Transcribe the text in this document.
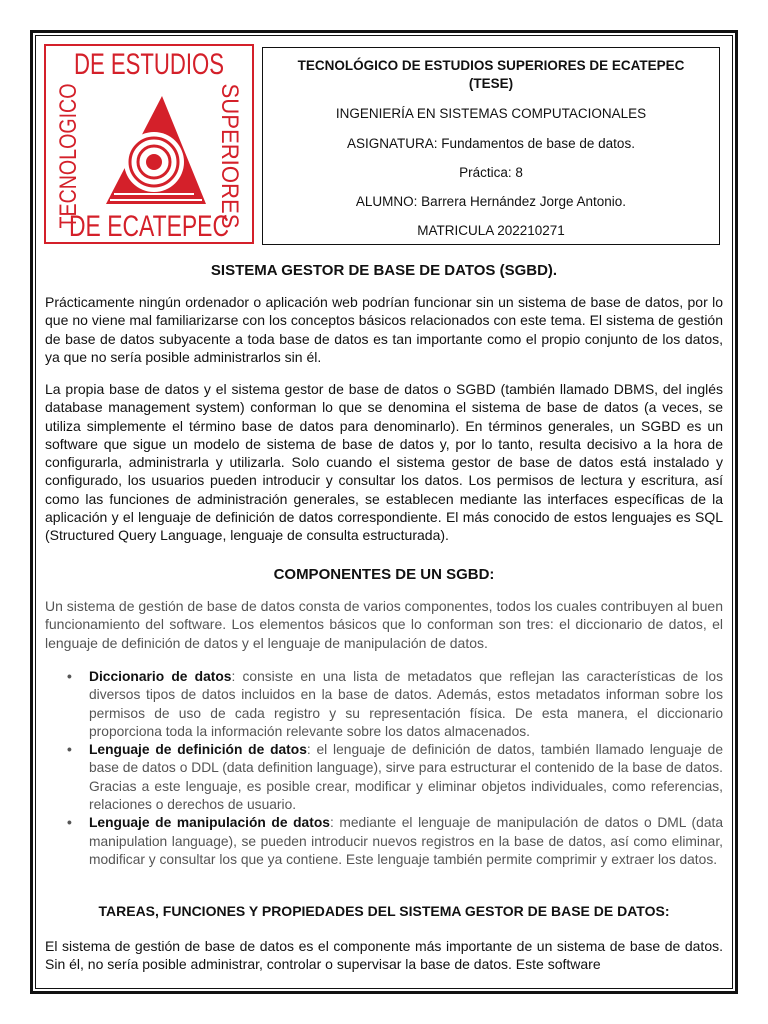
DE ESTUDIOS
DE ECATEPEC
TECNOLOGICO	SUPERIORES
TECNOLÓGICO DE ESTUDIOS SUPERIORES DE ECATEPEC
(TESE)
INGENIERÍA EN SISTEMAS COMPUTACIONALES
ASIGNATURA: Fundamentos de base de datos.
Práctica: 8
ALUMNO: Barrera Hernández Jorge Antonio.
MATRICULA 202210271
SISTEMA GESTOR DE BASE DE DATOS (SGBD).
Prácticamente ningún ordenador o aplicación web podrían funcionar sin un sistema de base de datos, por lo que no viene mal familiarizarse con los conceptos básicos relacionados con este tema. El sistema de gestión de base de datos subyacente a toda base de datos es tan importante como el propio conjunto de los datos, ya que no sería posible administrarlos sin él.
La propia base de datos y el sistema gestor de base de datos o SGBD (también llamado DBMS, del inglés database management system) conforman lo que se denomina el sistema de base de datos (a veces, se utiliza simplemente el término base de datos para denominarlo). En términos generales, un SGBD es un software que sigue un modelo de sistema de base de datos y, por lo tanto, resulta decisivo a la hora de configurarla, administrarla y utilizarla. Solo cuando el sistema gestor de base de datos está instalado y configurado, los usuarios pueden introducir y consultar los datos. Los permisos de lectura y escritura, así como las funciones de administración generales, se establecen mediante las interfaces específicas de la aplicación y el lenguaje de definición de datos correspondiente. El más conocido de estos lenguajes es SQL (Structured Query Language, lenguaje de consulta estructurada).
COMPONENTES DE UN SGBD:
Un sistema de gestión de base de datos consta de varios componentes, todos los cuales contribuyen al buen funcionamiento del software. Los elementos básicos que lo conforman son tres: el diccionario de datos, el lenguaje de definición de datos y el lenguaje de manipulación de datos.
• Diccionario de datos: consiste en una lista de metadatos que reflejan las características de los diversos tipos de datos incluidos en la base de datos. Además, estos metadatos informan sobre los permisos de uso de cada registro y su representación física. De esta manera, el diccionario proporciona toda la información relevante sobre los datos almacenados.
• Lenguaje de definición de datos: el lenguaje de definición de datos, también llamado lenguaje de base de datos o DDL (data definition language), sirve para estructurar el contenido de la base de datos. Gracias a este lenguaje, es posible crear, modificar y eliminar objetos individuales, como referencias, relaciones o derechos de usuario.
• Lenguaje de manipulación de datos: mediante el lenguaje de manipulación de datos o DML (data manipulation language), se pueden introducir nuevos registros en la base de datos, así como eliminar, modificar y consultar los que ya contiene. Este lenguaje también permite comprimir y extraer los datos.
TAREAS, FUNCIONES Y PROPIEDADES DEL SISTEMA GESTOR DE BASE DE DATOS:
El sistema de gestión de base de datos es el componente más importante de un sistema de base de datos. Sin él, no sería posible administrar, controlar o supervisar la base de datos. Este software
